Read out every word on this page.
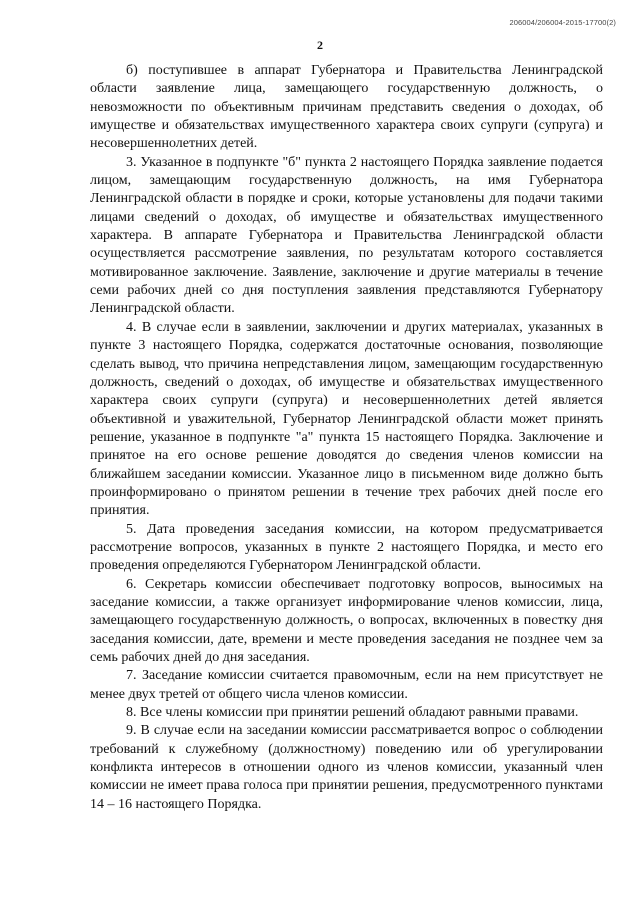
206004/206004-2015-17700(2)
2

б) поступившее в аппарат Губернатора и Правительства Ленинградской области заявление лица, замещающего государственную должность, о невозможности по объективным причинам представить сведения о доходах, об имуществе и обязательствах имущественного характера своих супруги (супруга) и несовершеннолетних детей.

3. Указанное в подпункте "б" пункта 2 настоящего Порядка заявление подается лицом, замещающим государственную должность, на имя Губернатора Ленинградской области в порядке и сроки, которые установлены для подачи такими лицами сведений о доходах, об имуществе и обязательствах имущественного характера. В аппарате Губернатора и Правительства Ленинградской области осуществляется рассмотрение заявления, по результатам которого составляется мотивированное заключение. Заявление, заключение и другие материалы в течение семи рабочих дней со дня поступления заявления представляются Губернатору Ленинградской области.

4. В случае если в заявлении, заключении и других материалах, указанных в пункте 3 настоящего Порядка, содержатся достаточные основания, позволяющие сделать вывод, что причина непредставления лицом, замещающим государственную должность, сведений о доходах, об имуществе и обязательствах имущественного характера своих супруги (супруга) и несовершеннолетних детей является объективной и уважительной, Губернатор Ленинградской области может принять решение, указанное в подпункте "а" пункта 15 настоящего Порядка. Заключение и принятое на его основе решение доводятся до сведения членов комиссии на ближайшем заседании комиссии. Указанное лицо в письменном виде должно быть проинформировано о принятом решении в течение трех рабочих дней после его принятия.

5. Дата проведения заседания комиссии, на котором предусматривается рассмотрение вопросов, указанных в пункте 2 настоящего Порядка, и место его проведения определяются Губернатором Ленинградской области.

6. Секретарь комиссии обеспечивает подготовку вопросов, выносимых на заседание комиссии, а также организует информирование членов комиссии, лица, замещающего государственную должность, о вопросах, включенных в повестку дня заседания комиссии, дате, времени и месте проведения заседания не позднее чем за семь рабочих дней до дня заседания.

7. Заседание комиссии считается правомочным, если на нем присутствует не менее двух третей от общего числа членов комиссии.

8. Все члены комиссии при принятии решений обладают равными правами.

9. В случае если на заседании комиссии рассматривается вопрос о соблюдении требований к служебному (должностному) поведению или об урегулировании конфликта интересов в отношении одного из членов комиссии, указанный член комиссии не имеет права голоса при принятии решения, предусмотренного пунктами 14 – 16 настоящего Порядка.
